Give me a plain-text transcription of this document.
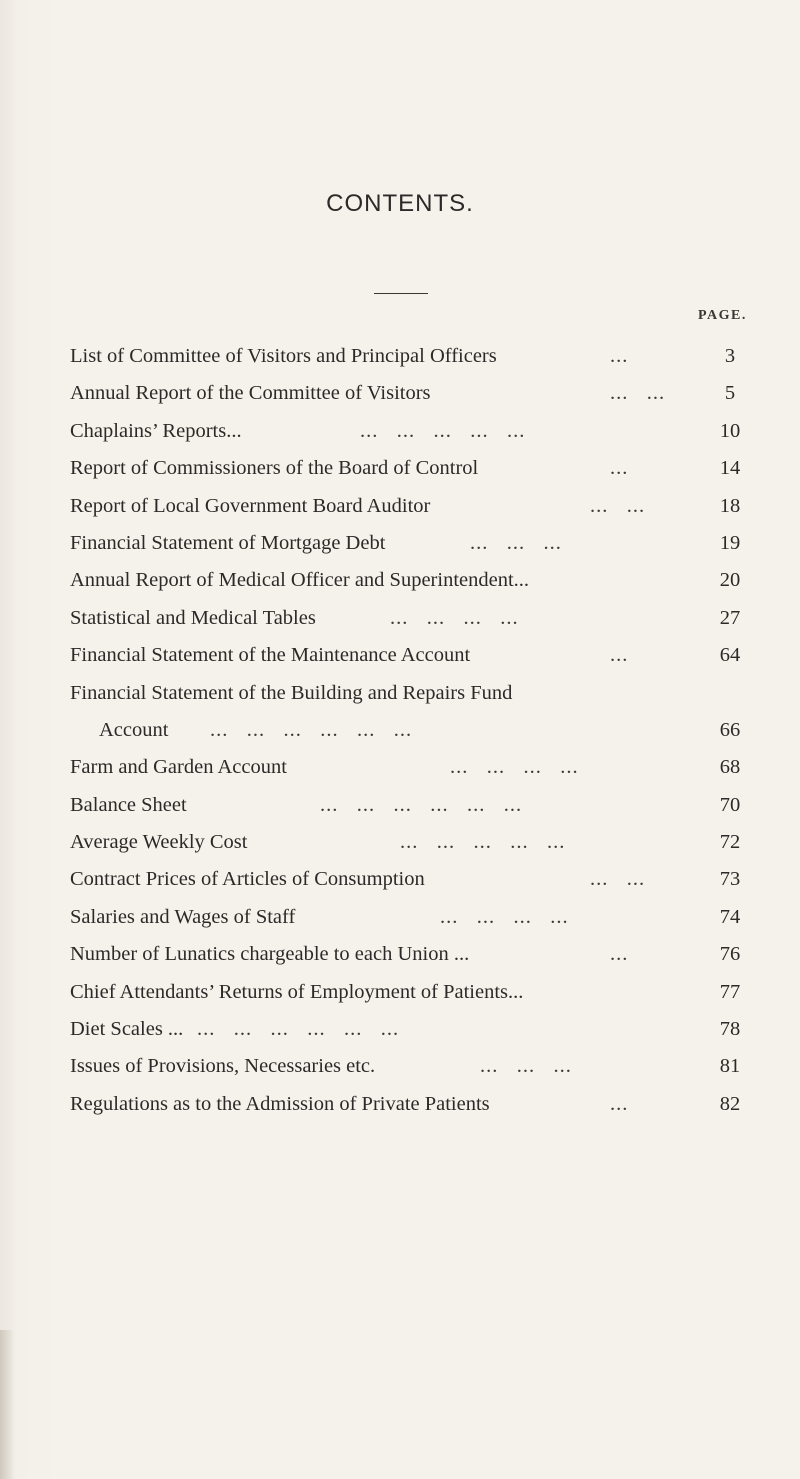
CONTENTS.
PAGE.
List of Committee of Visitors and Principal Officers	...	3
Annual Report of the Committee of Visitors	...   ...	5
Chaplains’ Reports...	...   ...   ...   ...   ...	10
Report of Commissioners of the Board of Control	...	14
Report of Local Government Board Auditor	...   ...	18
Financial Statement of Mortgage Debt	...   ...   ...	19
Annual Report of Medical Officer and Superintendent...	20
Statistical and Medical Tables	...   ...   ...   ...	27
Financial Statement of the Maintenance Account	...	64
Financial Statement of the Building and Repairs Fund
Account ...   ...   ...   ...   ...   ...	66
Farm and Garden Account	...   ...   ...   ...	68
Balance Sheet	...   ...   ...   ...   ...   ...	70
Average Weekly Cost	...   ...   ...   ...   ...	72
Contract Prices of Articles of Consumption	...   ...	73
Salaries and Wages of Staff	...   ...   ...   ...	74
Number of Lunatics chargeable to each Union ...	...	76
Chief Attendants’ Returns of Employment of Patients...	77
Diet Scales ... ...   ...   ...   ...   ...   ...	78
Issues of Provisions, Necessaries etc.	...   ...   ...	81
Regulations as to the Admission of Private Patients	...	82
